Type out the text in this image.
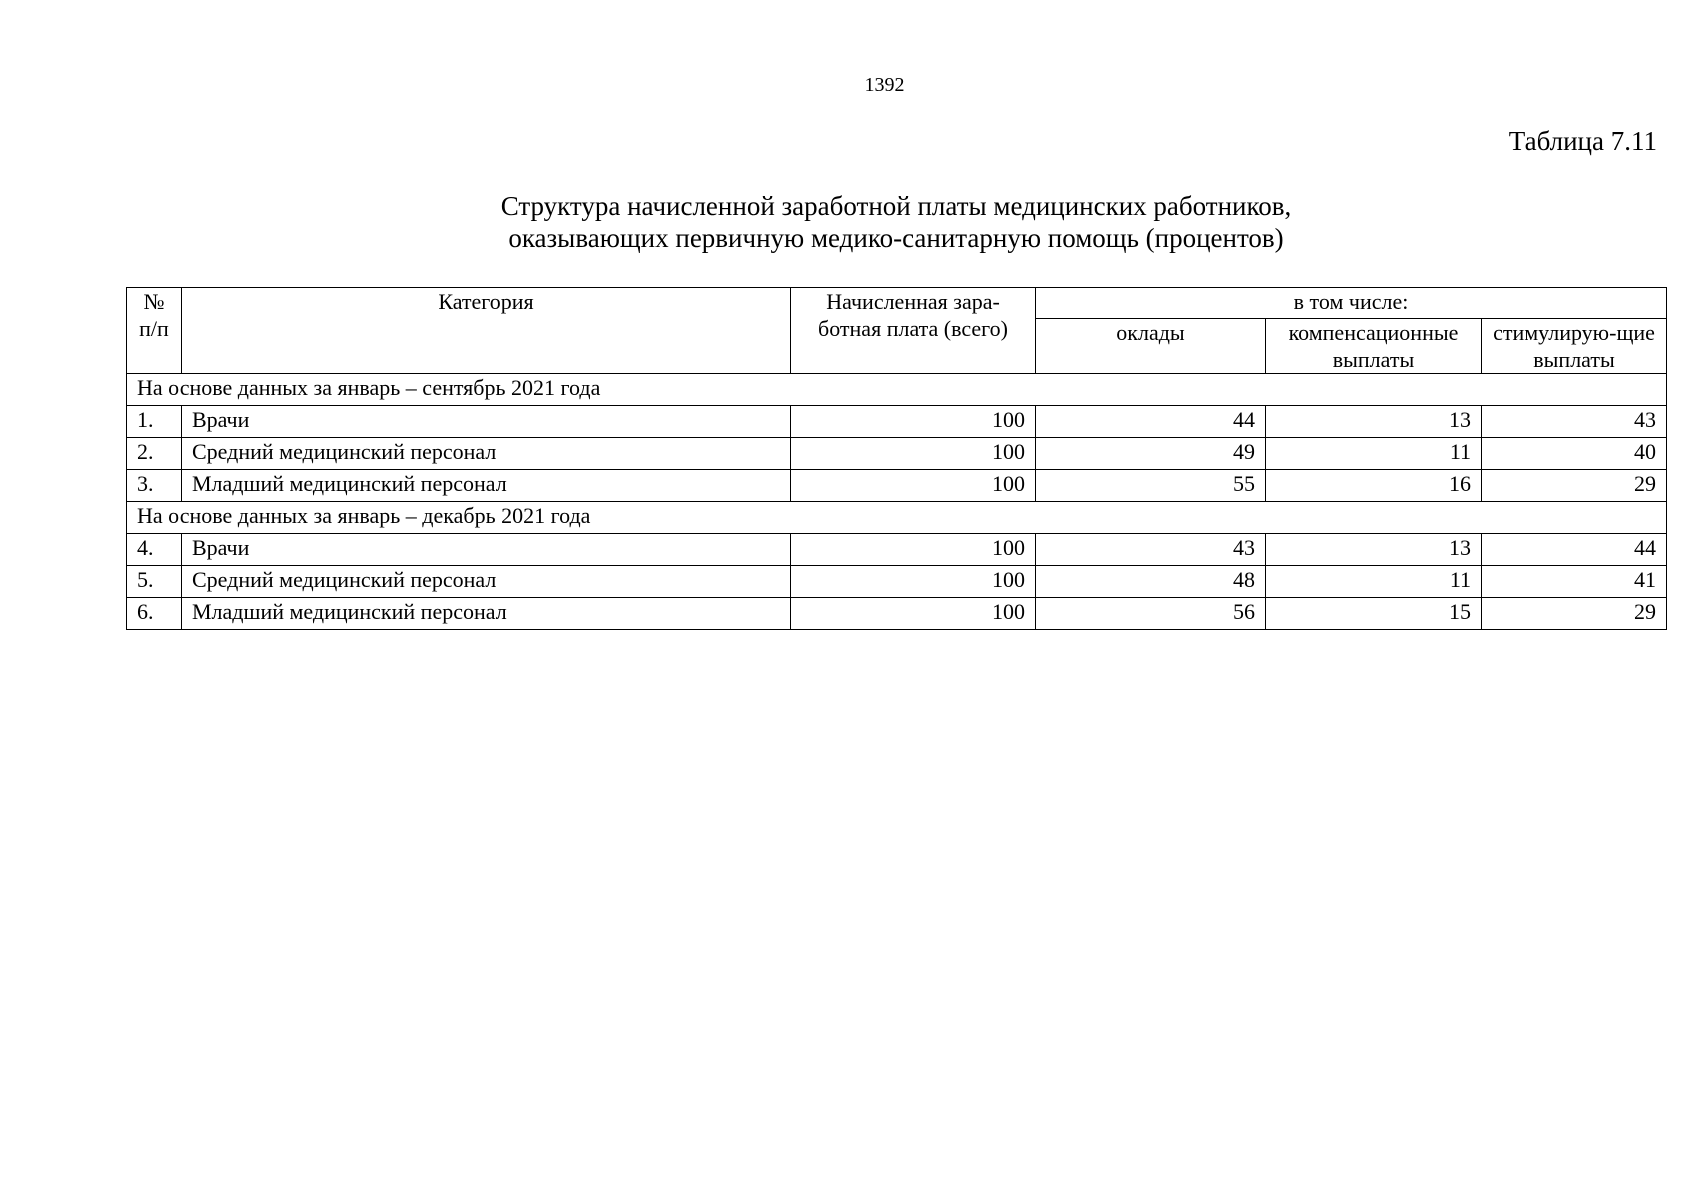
1392
Таблица 7.11
Структура начисленной заработной платы медицинских работников,
оказывающих первичную медико-санитарную помощь (процентов)
№ п/п	Категория	Начисленная зара-ботная плата (всего)	в том числе:		
			оклады	компенсационные выплаты	стимулирую-щие выплаты
На основе данных за январь – сентябрь 2021 года					
1.	Врачи	100	44	13	43
2.	Средний медицинский персонал	100	49	11	40
3.	Младший медицинский персонал	100	55	16	29
На основе данных за январь – декабрь 2021 года					
4.	Врачи	100	43	13	44
5.	Средний медицинский персонал	100	48	11	41
6.	Младший медицинский персонал	100	56	15	29
